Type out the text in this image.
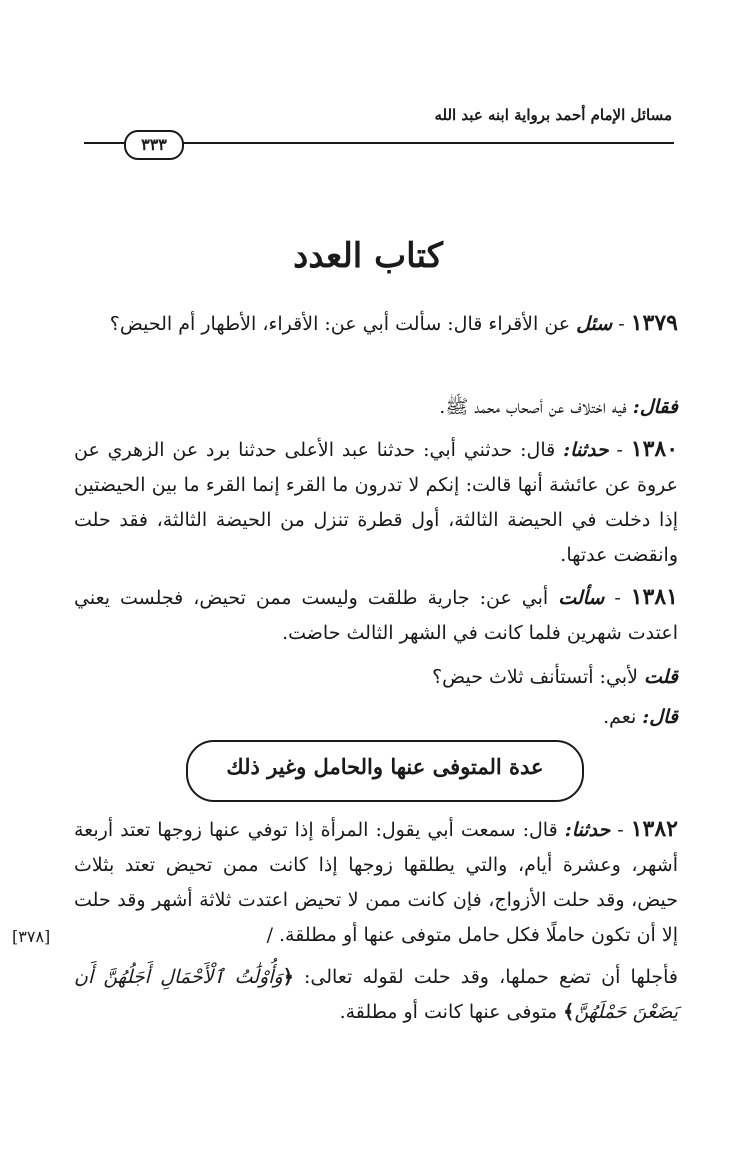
مسائل الإمام أحمد برواية ابنه عبد الله
٣٣٣
كتاب العدد
١٣٧٩ - سئل عن الأقراء قال: سألت أبي عن: الأقراء، الأطهار أم الحيض؟
فقال: فيه اختلاف عن أصحاب محمد ﷺ.
١٣٨٠ - حدثنا: قال: حدثني أبي: حدثنا عبد الأعلى حدثنا برد عن الزهري عن عروة عن عائشة أنها قالت: إنكم لا تدرون ما القرء إنما القرء ما بين الحيضتين إذا دخلت في الحيضة الثالثة، أول قطرة تنزل من الحيضة الثالثة، فقد حلت وانقضت عدتها.
١٣٨١ - سألت أبي عن: جارية طلقت وليست ممن تحيض، فجلست يعني اعتدت شهرين فلما كانت في الشهر الثالث حاضت.
قلت لأبي: أتستأنف ثلاث حيض؟
قال: نعم.
عدة المتوفى عنها والحامل وغير ذلك
١٣٨٢ - حدثنا: قال: سمعت أبي يقول: المرأة إذا توفي عنها زوجها تعتد أربعة أشهر، وعشرة أيام، والتي يطلقها زوجها إذا كانت ممن تحيض تعتد بثلاث حيض، وقد حلت الأزواج، فإن كانت ممن لا تحيض اعتدت ثلاثة أشهر وقد حلت إلا أن تكون حاملًا فكل حامل متوفى عنها أو مطلقة. /
[٣٧٨]
فأجلها أن تضع حملها، وقد حلت لقوله تعالى: ﴿وَأُوْلَٰتُ ٱلْأَحْمَالِ أَجَلُهُنَّ أَن يَضَعْنَ حَمْلَهُنَّ﴾ متوفى عنها كانت أو مطلقة.
